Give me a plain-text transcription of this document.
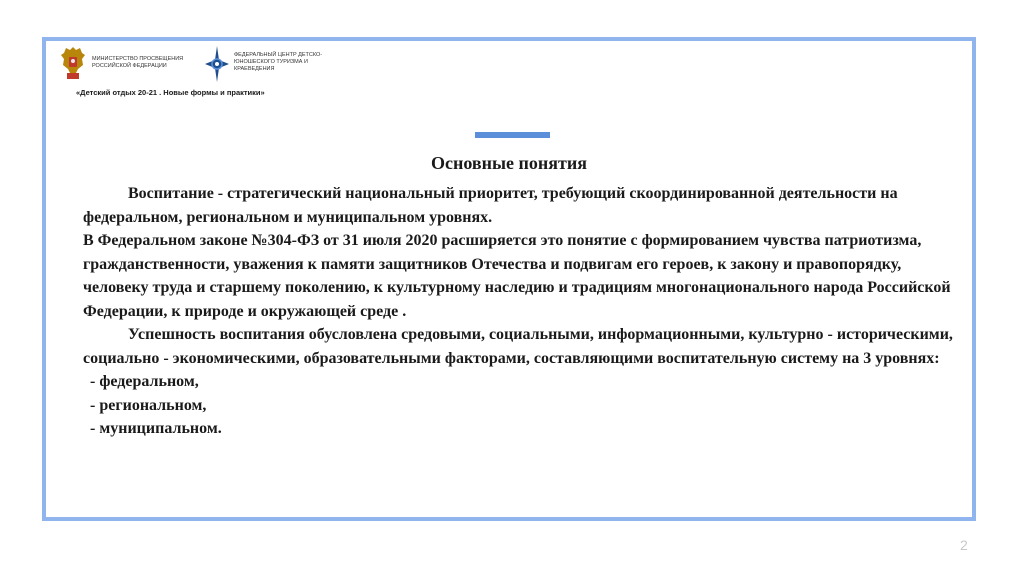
МИНИСТЕРСТВО ПРОСВЕЩЕНИЯ РОССИЙСКОЙ ФЕДЕРАЦИИ
ФЕДЕРАЛЬНЫЙ ЦЕНТР ДЕТСКО-ЮНОШЕСКОГО ТУРИЗМА И КРАЕВЕДЕНИЯ
«Детский отдых 20-21 . Новые формы и практики»
Основные понятия

Воспитание - стратегический национальный приоритет, требующий скоординированной деятельности на федеральном, региональном и муниципальном уровнях.

В Федеральном законе №304-ФЗ от 31 июля 2020 расширяется это понятие с формированием чувства патриотизма, гражданственности, уважения к памяти защитников Отечества и подвигам его героев, к закону и правопорядку, человеку труда и старшему поколению, к культурному наследию и традициям многонационального народа Российской Федерации, к природе и окружающей среде .

Успешность воспитания обусловлена средовыми, социальными, информационными, культурно - историческими, социально - экономическими, образовательными факторами, составляющими воспитательную систему на 3 уровнях:

- федеральном,

- региональном,

- муниципальном.

2
